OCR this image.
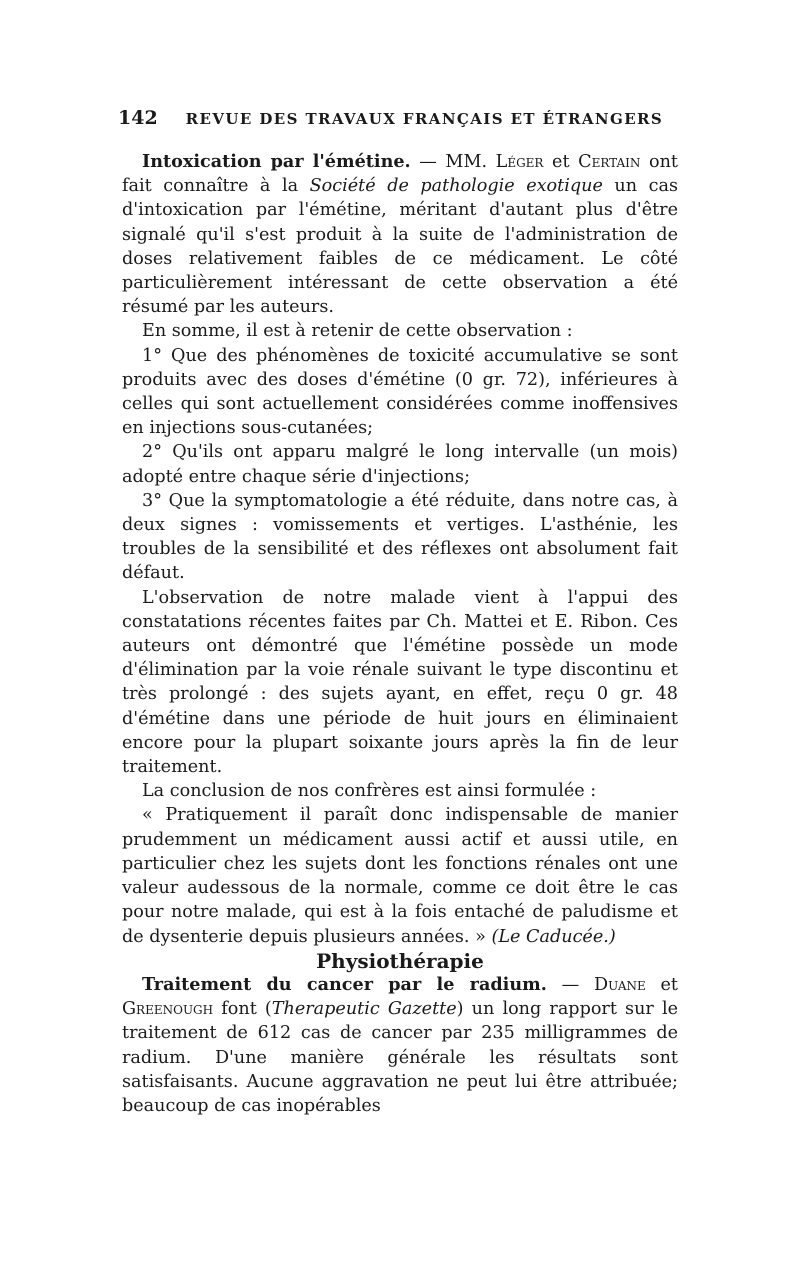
142 REVUE DES TRAVAUX FRANÇAIS ET ÉTRANGERS

Intoxication par l'émétine. — MM. Léger et Certain ont fait connaître à la Société de pathologie exotique un cas d'intoxication par l'émétine, méritant d'autant plus d'être signalé qu'il s'est produit à la suite de l'administration de doses relativement faibles de ce médicament. Le côté particulièrement intéressant de cette observation a été résumé par les auteurs.

En somme, il est à retenir de cette observation :

1° Que des phénomènes de toxicité accumulative se sont produits avec des doses d'émétine (0 gr. 72), inférieures à celles qui sont actuellement considérées comme inoffensives en injections sous-cutanées;

2° Qu'ils ont apparu malgré le long intervalle (un mois) adopté entre chaque série d'injections;

3° Que la symptomatologie a été réduite, dans notre cas, à deux signes : vomissements et vertiges. L'asthénie, les troubles de la sensibilité et des réflexes ont absolument fait défaut.

L'observation de notre malade vient à l'appui des constatations récentes faites par Ch. Mattei et E. Ribon. Ces auteurs ont démontré que l'émétine possède un mode d'élimination par la voie rénale suivant le type discontinu et très prolongé : des sujets ayant, en effet, reçu 0 gr. 48 d'émétine dans une période de huit jours en éliminaient encore pour la plupart soixante jours après la fin de leur traitement.

La conclusion de nos confrères est ainsi formulée :

« Pratiquement il paraît donc indispensable de manier prudemment un médicament aussi actif et aussi utile, en particulier chez les sujets dont les fonctions rénales ont une valeur audessous de la normale, comme ce doit être le cas pour notre malade, qui est à la fois entaché de paludisme et de dysenterie depuis plusieurs années. » (Le Caducée.)

Physiothérapie

Traitement du cancer par le radium. — Duane et Greenough font (Therapeutic Gazette) un long rapport sur le traitement de 612 cas de cancer par 235 milligrammes de radium. D'une manière générale les résultats sont satisfaisants. Aucune aggravation ne peut lui être attribuée; beaucoup de cas inopérables
